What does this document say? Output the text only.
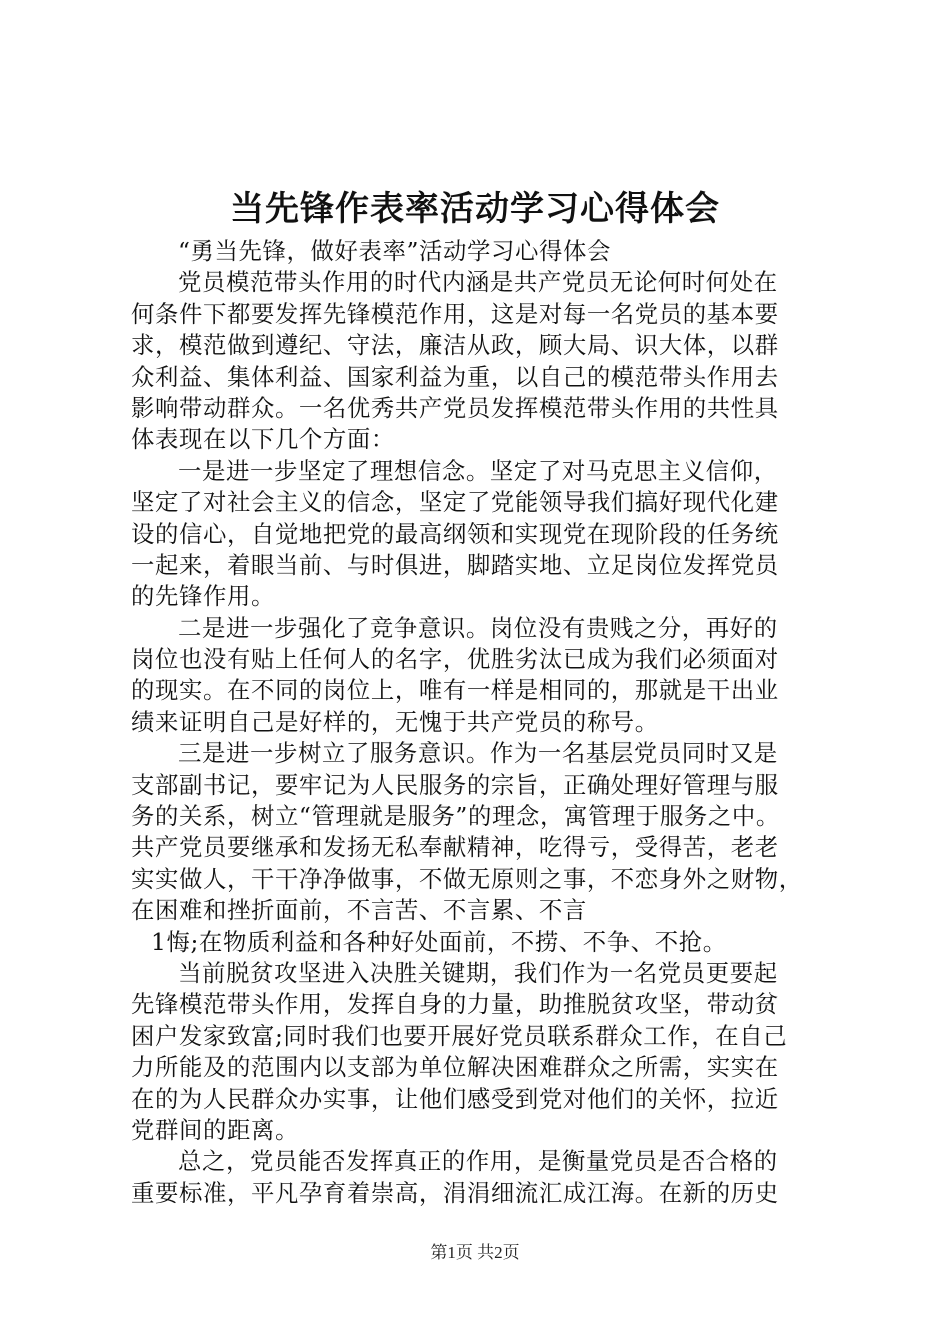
当先锋作表率活动学习心得体会
“勇当先锋，做好表率”活动学习心得体会
党员模范带头作用的时代内涵是共产党员无论何时何处在
何条件下都要发挥先锋模范作用，这是对每一名党员的基本要
求，模范做到遵纪、守法，廉洁从政，顾大局、识大体，以群
众利益、集体利益、国家利益为重，以自己的模范带头作用去
影响带动群众。一名优秀共产党员发挥模范带头作用的共性具
体表现在以下几个方面：
一是进一步坚定了理想信念。坚定了对马克思主义信仰，
坚定了对社会主义的信念，坚定了党能领导我们搞好现代化建
设的信心，自觉地把党的最高纲领和实现党在现阶段的任务统
一起来，着眼当前、与时俱进，脚踏实地、立足岗位发挥党员
的先锋作用。
二是进一步强化了竞争意识。岗位没有贵贱之分，再好的
岗位也没有贴上任何人的名字，优胜劣汰已成为我们必须面对
的现实。在不同的岗位上，唯有一样是相同的，那就是干出业
绩来证明自己是好样的，无愧于共产党员的称号。
三是进一步树立了服务意识。作为一名基层党员同时又是
支部副书记，要牢记为人民服务的宗旨，正确处理好管理与服
务的关系，树立“管理就是服务”的理念，寓管理于服务之中。
共产党员要继承和发扬无私奉献精神，吃得亏，受得苦，老老
实实做人，干干净净做事，不做无原则之事，不恋身外之财物，
在困难和挫折面前，不言苦、不言累、不言
1悔;在物质利益和各种好处面前，不捞、不争、不抢。
当前脱贫攻坚进入决胜关键期，我们作为一名党员更要起
先锋模范带头作用，发挥自身的力量，助推脱贫攻坚，带动贫
困户发家致富;同时我们也要开展好党员联系群众工作，在自己
力所能及的范围内以支部为单位解决困难群众之所需，实实在
在的为人民群众办实事，让他们感受到党对他们的关怀，拉近
党群间的距离。
总之，党员能否发挥真正的作用，是衡量党员是否合格的
重要标准，平凡孕育着崇高，涓涓细流汇成江海。在新的历史
第1页 共2页
